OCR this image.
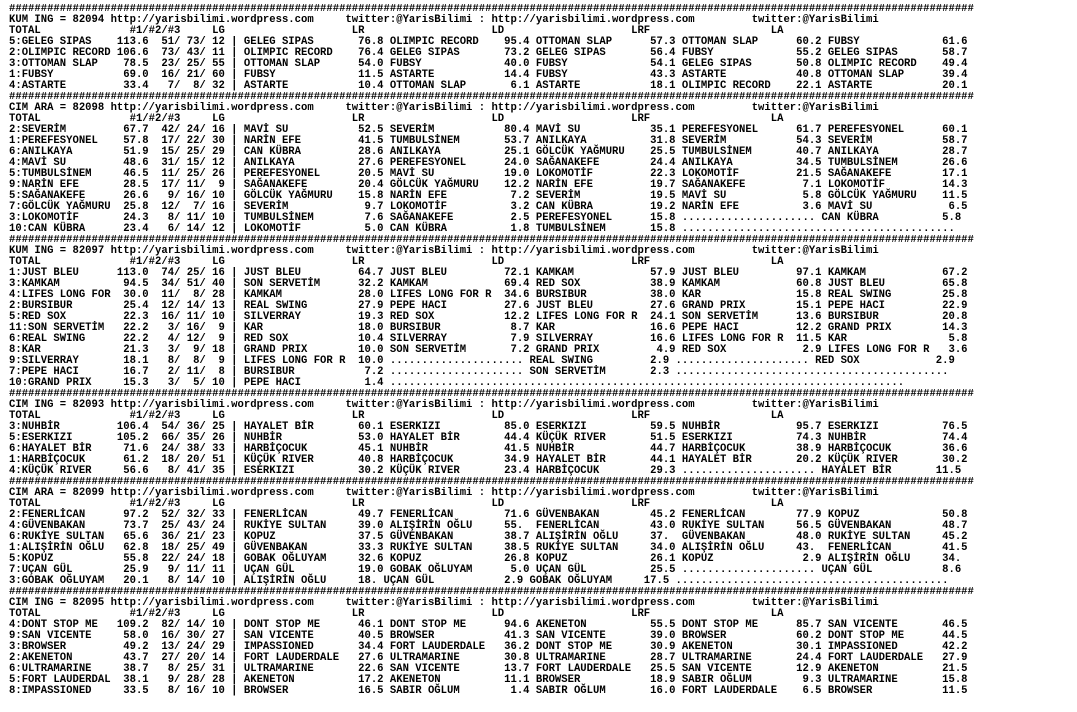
########################################################################################################################################################
KUM ING = 82094 http://yarisbilimi.wordpress.com     twitter:@YarisBilimi : http://yarisbilimi.wordpress.com         twitter:@YarisBilimi
TOTAL              #1/#2/#3     LG                    LR                    LD                    LRF                   LA
5:GELEG SIPAS    113.6  51/ 73/ 12 | GELEG SIPAS       76.8 OLIMPIC RECORD    95.4 OTTOMAN SLAP      57.3 OTTOMAN SLAP      60.2 FUBSY             61.6
2:OLIMPIC RECORD 106.6  73/ 43/ 11 | OLIMPIC RECORD    76.4 GELEG SIPAS       73.2 GELEG SIPAS       56.4 FUBSY             55.2 GELEG SIPAS       58.7
3:OTTOMAN SLAP    78.5  23/ 25/ 55 | OTTOMAN SLAP      54.0 FUBSY             40.0 FUBSY             54.1 GELEG SIPAS       50.8 OLIMPIC RECORD    49.4
1:FUBSY           69.0  16/ 21/ 60 | FUBSY             11.5 ASTARTE           14.4 FUBSY             43.3 ASTARTE           40.8 OTTOMAN SLAP      39.4
4:ASTARTE         33.4   7/  8/ 32 | ASTARTE           10.4 OTTOMAN SLAP       6.1 ASTARTE           18.1 OLIMPIC RECORD    22.1 ASTARTE           20.1
########################################################################################################################################################
CIM ARA = 82098 http://yarisbilimi.wordpress.com     twitter:@YarisBilimi : http://yarisbilimi.wordpress.com         twitter:@YarisBilimi
TOTAL              #1/#2/#3     LG                    LR                    LD                    LRF                   LA
2:SEVERİM         67.7  42/ 24/ 16 | MAVİ SU           52.5 SEVERİM           80.4 MAVİ SU           35.1 PEREFESYONEL      61.7 PEREFESYONEL      60.1
1:PEREFESYONEL    57.8  17/ 22/ 30 | NARİN EFE         41.5 TUMBULSİNEM       53.7 ANILKAYA          31.8 SEVERİM           54.3 SEVERİM           58.7
6:ANILKAYA        51.9  15/ 25/ 29 | CAN KÜBRA         28.6 ANILKAYA          25.1 GÖLCÜK YAĞMURU    25.5 TUMBULSİNEM       40.7 ANILKAYA          28.7
4:MAVİ SU         48.6  31/ 15/ 12 | ANILKAYA          27.6 PEREFESYONEL      24.0 SAĞANAKEFE        24.4 ANILKAYA          34.5 TUMBULSİNEM       26.6
5:TUMBULSİNEM     46.5  11/ 25/ 26 | PEREFESYONEL      20.5 MAVİ SU           19.0 LOKOMOTİF         22.3 LOKOMOTİF         21.5 SAĞANAKEFE        17.1
9:NARİN EFE       28.5  17/ 11/  9 | SAĞANAKEFE        20.4 GÖLCÜK YAĞMURU    12.2 NARİN EFE         19.7 SAĞANAKEFE         7.1 LOKOMOTİF         14.3
5:SAĞANAKEFE      26.6   9/ 16/ 10 | GÖLCÜK YAĞMURU    15.8 NARİN EFE          7.2 SEVERİM           19.5 MAVİ SU            5.8 GÖLCÜK YAĞMURU    11.5
7:GÖLCÜK YAĞMURU  25.8  12/  7/ 16 | SEVERİM            9.7 LOKOMOTİF          3.2 CAN KÜBRA         19.2 NARİN EFE          3.6 MAVİ SU            6.5
3:LOKOMOTİF       24.3   8/ 11/ 10 | TUMBULSİNEM        7.6 SAĞANAKEFE         2.5 PEREFESYONEL      15.8 ..................... CAN KÜBRA          5.8
10:CAN KÜBRA      23.4   6/ 14/ 12 | LOKOMOTİF          5.0 CAN KÜBRA          1.8 TUMBULSİNEM       15.8 ...........................................
########################################################################################################################################################
KUM ING = 82097 http://yarisbilimi.wordpress.com     twitter:@YarisBilimi : http://yarisbilimi.wordpress.com         twitter:@YarisBilimi
TOTAL              #1/#2/#3     LG                    LR                    LD                    LRF                   LA
1:JUST BLEU      113.0  74/ 25/ 16 | JUST BLEU         64.7 JUST BLEU         72.1 KAMKAM            57.9 JUST BLEU         97.1 KAMKAM            67.2
3:KAMKAM          94.5  34/ 51/ 40 | SON SERVETİM      32.2 KAMKAM            69.4 RED SOX           38.9 KAMKAM            60.8 JUST BLEU         65.8
4:LIFES LONG FOR  30.0  11/  8/ 28 | KAMKAM            28.0 LIFES LONG FOR R  34.6 BURSIBUR          38.0 KAR               15.8 REAL SWING        25.8
2:BURSIBUR        25.4  12/ 14/ 13 | REAL SWING        27.9 PEPE HACI         27.6 JUST BLEU         27.6 GRAND PRIX        15.1 PEPE HACI         22.9
5:RED SOX         22.3  16/ 11/ 10 | SILVERRAY         19.3 RED SOX           12.2 LIFES LONG FOR R  24.1 SON SERVETİM      13.6 BURSIBUR          20.8
11:SON SERVETİM   22.2   3/ 16/  9 | KAR               18.0 BURSIBUR           8.7 KAR               16.6 PEPE HACI         12.2 GRAND PRIX        14.3
6:REAL SWING      22.2   4/ 12/  9 | RED SOX           10.4 SILVERRAY          7.9 SILVERRAY         16.6 LIFES LONG FOR R  11.5 KAR                5.8
8:KAR             21.3   3/  9/ 18 | GRAND PRIX        10.0 SON SERVETİM       7.2 GRAND PRIX         4.9 RED SOX            2.9 LIFES LONG FOR R   3.6
9:SILVERRAY       18.1   8/  8/  9 | LIFES LONG FOR R  10.0 ..................... REAL SWING         2.9 ..................... RED SOX            2.9
7:PEPE HACI       16.7   2/ 11/  8 | BURSIBUR           7.2 ..................... SON SERVETİM       2.3 ...........................................
10:GRAND PRIX     15.3   3/  5/ 10 | PEPE HACI          1.4 .................................................................................
########################################################################################################################################################
CIM ING = 82093 http://yarisbilimi.wordpress.com     twitter:@YarisBilimi : http://yarisbilimi.wordpress.com         twitter:@YarisBilimi
TOTAL              #1/#2/#3     LG                    LR                    LD                    LRF                   LA
3:NUHBİR         106.4  54/ 36/ 25 | HAYALET BİR       60.1 ESERKIZI          85.0 ESERKIZI          59.5 NUHBİR            95.7 ESERKIZI          76.5
5:ESERKIZI       105.2  66/ 35/ 26 | NUHBİR            53.0 HAYALET BİR       44.4 KÜÇÜK RIVER       51.5 ESERKIZI          74.3 NUHBİR            74.4
6:HAYALET BİR     71.6  24/ 38/ 33 | HARBİÇOCUK        45.1 NUHBİR            41.5 NUHBİR            44.7 HARBİÇOCUK        38.9 HARBİÇOCUK        36.6
1:HARBİÇOCUK      61.2  18/ 20/ 51 | KÜÇÜK RIVER       40.8 HARBİÇOCUK        34.9 HAYALET BİR       44.1 HAYALET BİR       20.2 KÜÇÜK RIVER       30.2
4:KÜÇÜK RIVER     56.6   8/ 41/ 35 | ESERKIZI          30.2 KÜÇÜK RIVER       23.4 HARBİÇOCUK        29.3 ..................... HAYALET BİR       11.5
########################################################################################################################################################
CIM ARA = 82099 http://yarisbilimi.wordpress.com     twitter:@YarisBilimi : http://yarisbilimi.wordpress.com         twitter:@YarisBilimi
TOTAL              #1/#2/#3     LG                    LR                    LD                    LRF                   LA
2:FENERLİCAN      97.2  52/ 32/ 33 | FENERLİCAN        49.7 FENERLİCAN        71.6 GÜVENBAKAN        45.2 FENERLİCAN        77.9 KOPUZ             50.8
4:GÜVENBAKAN      73.7  25/ 43/ 24 | RUKİYE SULTAN     39.0 ALIŞİRİN OĞLU     55.  FENERLİCAN        43.0 RUKİYE SULTAN     56.5 GÜVENBAKAN        48.7
6:RUKİYE SULTAN   65.6  36/ 21/ 23 | KOPUZ             37.5 GÜVENBAKAN        38.7 ALIŞİRİN OĞLU     37.  GÜVENBAKAN        48.0 RUKİYE SULTAN     45.2
1:ALIŞİRİN OĞLU   62.8  18/ 25/ 49 | GÜVENBAKAN        33.3 RUKİYE SULTAN     38.5 RUKİYE SULTAN     34.0 ALIŞİRİN OĞLU     43.  FENERLİCAN        41.5
5:KOPUZ           55.8  22/ 24/ 18 | GOBAK OĞLUYAM     32.6 KOPUZ             26.8 KOPUZ             26.1 KOPUZ              2.9 ALIŞİRİN OĞLU     34.
7:UÇAN GÜL        25.9   9/ 11/ 11 | UÇAN GÜL          19.0 GOBAK OĞLUYAM      5.0 UÇAN GÜL          25.5 ..................... UÇAN GÜL           8.6
3:GOBAK OĞLUYAM   20.1   8/ 14/ 10 | ALIŞİRİN OĞLU     18. UÇAN GÜL           2.9 GOBAK OĞLUYAM     17.5 ...........................................
########################################################################################################################################################
CIM ING = 82095 http://yarisbilimi.wordpress.com     twitter:@YarisBilimi : http://yarisbilimi.wordpress.com         twitter:@YarisBilimi
TOTAL              #1/#2/#3     LG                    LR                    LD                    LRF                   LA
4:DONT STOP ME   109.2  82/ 14/ 10 | DONT STOP ME      46.1 DONT STOP ME      94.6 AKENETON          55.5 DONT STOP ME      85.7 SAN VICENTE       46.5
9:SAN VICENTE     58.0  16/ 30/ 27 | SAN VICENTE       40.5 BROWSER           41.3 SAN VICENTE       39.0 BROWSER           60.2 DONT STOP ME      44.5
3:BROWSER         49.2  13/ 24/ 29 | IMPASSIONED       34.4 FORT LAUDERDALE   36.2 DONT STOP ME      30.9 AKENETON          30.1 IMPASSIONED       42.2
2:AKENETON        43.7  27/ 20/ 14 | FORT LAUDERDALE   27.6 ULTRAMARINE       30.8 ULTRAMARINE       28.7 ULTRAMARINE       24.4 FORT LAUDERDALE   27.9
6:ULTRAMARINE     38.7   8/ 25/ 31 | ULTRAMARINE       22.6 SAN VICENTE       13.7 FORT LAUDERDALE   25.5 SAN VICENTE       12.9 AKENETON          21.5
5:FORT LAUDERDAL  38.1   9/ 28/ 28 | AKENETON          17.2 AKENETON          11.1 BROWSER           18.9 SABIR OĞLUM        9.3 ULTRAMARINE       15.8
8:IMPASSIONED     33.5   8/ 16/ 10 | BROWSER           16.5 SABIR OĞLUM        1.4 SABIR OĞLUM       16.0 FORT LAUDERDALE    6.5 BROWSER           11.5
